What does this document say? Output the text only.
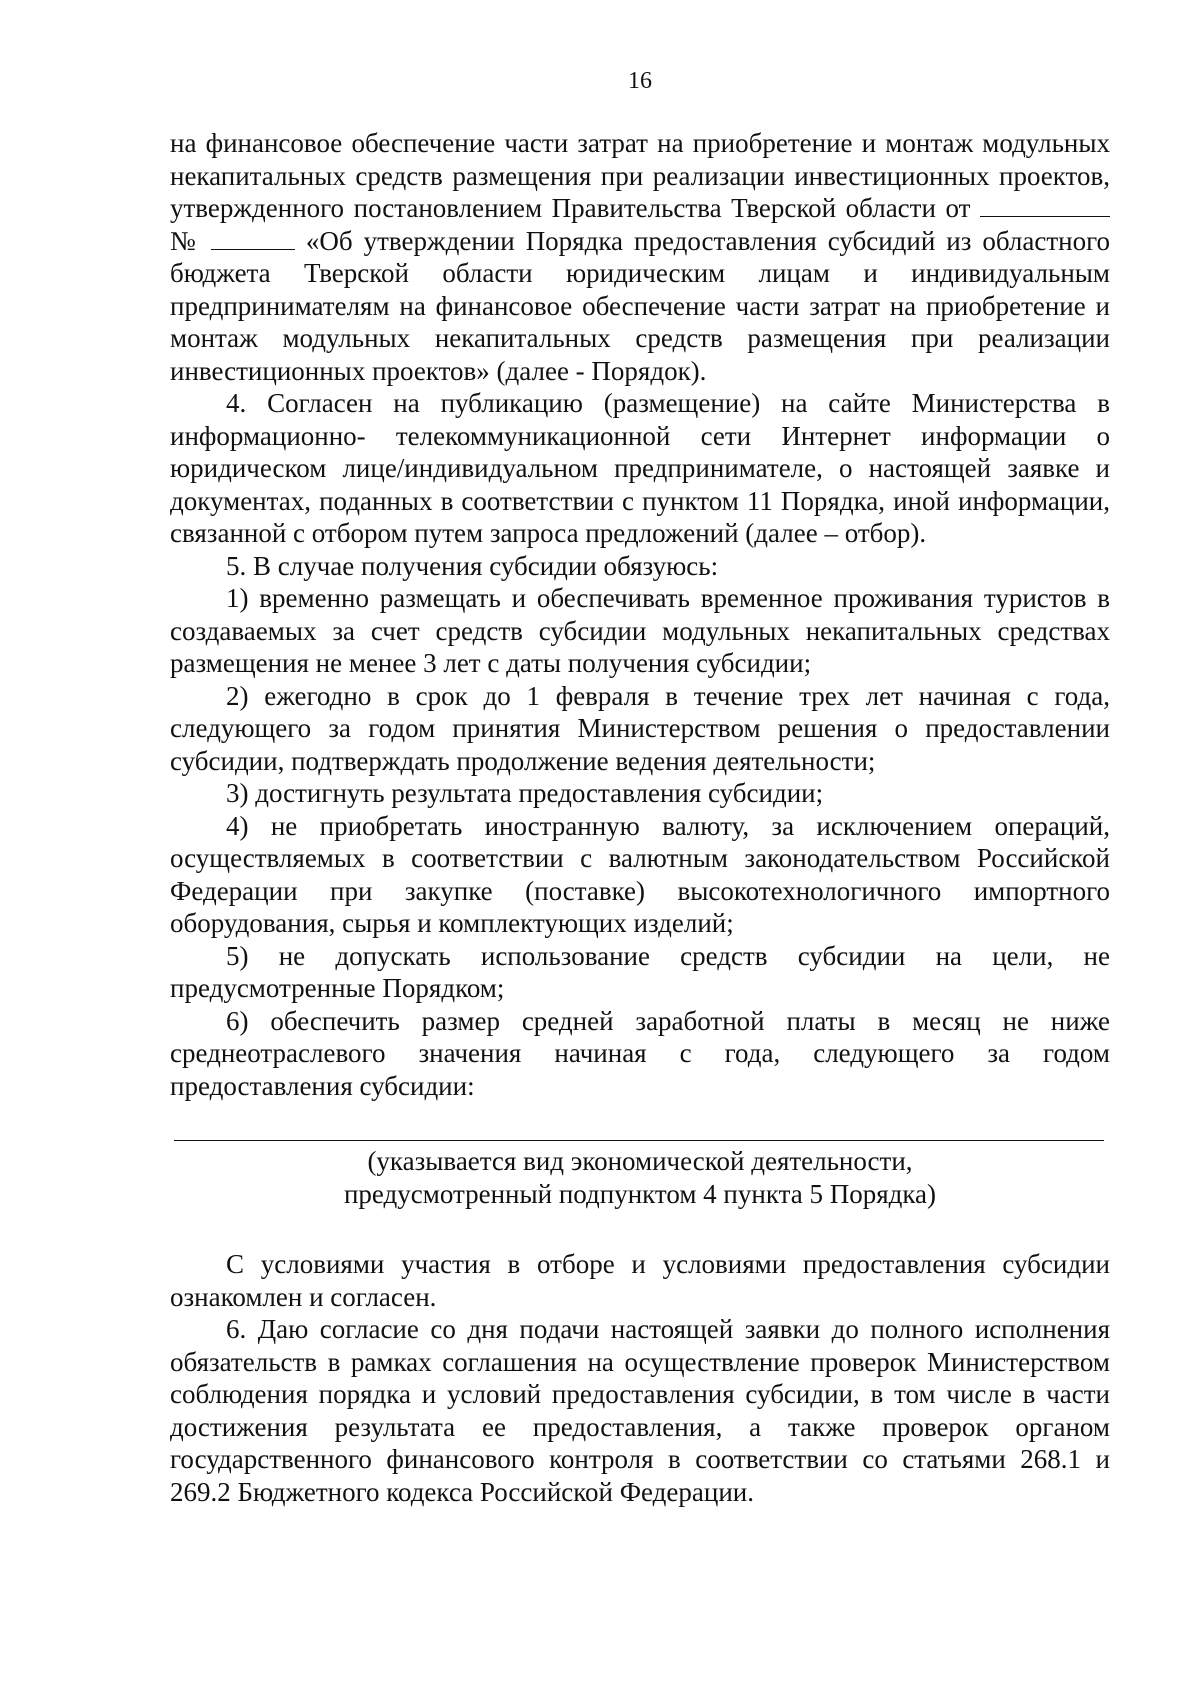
16

на финансовое обеспечение части затрат на приобретение и монтаж модульных некапитальных средств размещения при реализации инвестиционных проектов, утвержденного постановлением Правительства Тверской области от №	«Об утверждении Порядка предоставления субсидий из областного бюджета Тверской области юридическим лицам и индивидуальным предпринимателям на финансовое обеспечение части затрат на приобретение и монтаж модульных некапитальных средств размещения при реализации инвестиционных проектов» (далее - Порядок).

4. Согласен на публикацию (размещение) на сайте Министерства в информационно- телекоммуникационной сети Интернет информации о юридическом лице/индивидуальном предпринимателе, о настоящей заявке и документах, поданных в соответствии с пунктом 11 Порядка, иной информации, связанной с отбором путем запроса предложений (далее – отбор).

5. В случае получения субсидии обязуюсь:

1) временно размещать и обеспечивать временное проживания туристов в создаваемых за счет средств субсидии модульных некапитальных средствах размещения не менее 3 лет с даты получения субсидии;

2) ежегодно в срок до 1 февраля в течение трех лет начиная с года, следующего за годом принятия Министерством решения о предоставлении субсидии, подтверждать продолжение ведения деятельности;

3) достигнуть результата предоставления субсидии;

4) не приобретать иностранную валюту, за исключением операций, осуществляемых в соответствии с валютным законодательством Российской Федерации при закупке (поставке) высокотехнологичного импортного оборудования, сырья и комплектующих изделий;

5) не допускать использование средств субсидии на цели, не предусмотренные Порядком;

6) обеспечить размер средней заработной платы в месяц не ниже среднеотраслевого значения начиная с года, следующего за годом предоставления субсидии:

(указывается вид экономической деятельности,
предусмотренный подпунктом 4 пункта 5 Порядка)

С условиями участия в отборе и условиями предоставления субсидии ознакомлен и согласен.

6. Даю согласие со дня подачи настоящей заявки до полного исполнения обязательств в рамках соглашения на осуществление проверок Министерством соблюдения порядка и условий предоставления субсидии, в том числе в части достижения результата ее предоставления, а также проверок органом государственного финансового контроля в соответствии со статьями 268.1 и 269.2 Бюджетного кодекса Российской Федерации.
